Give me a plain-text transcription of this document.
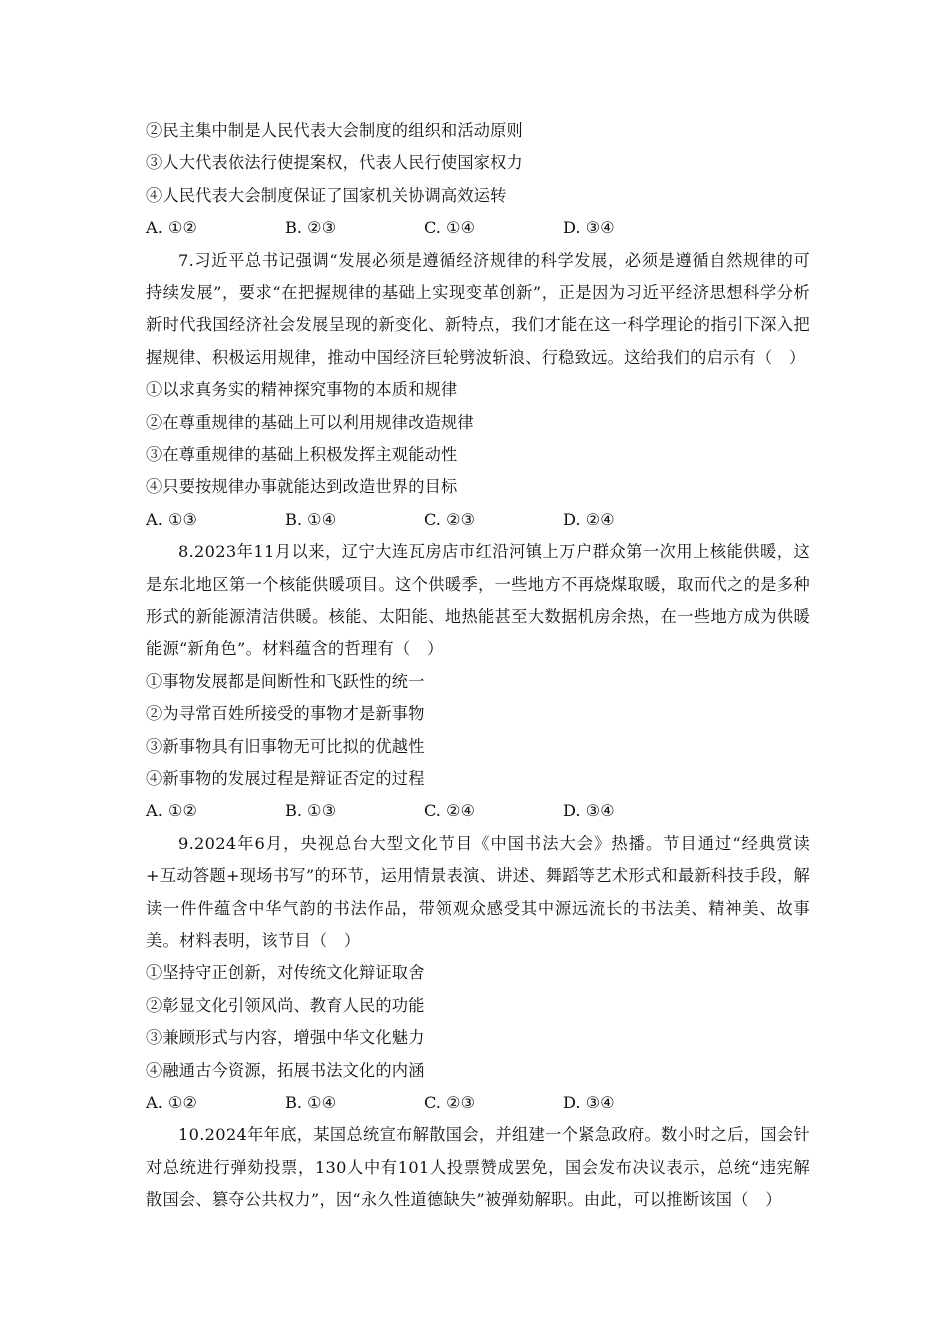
②民主集中制是人民代表大会制度的组织和活动原则
③人大代表依法行使提案权，代表人民行使国家权力
④人民代表大会制度保证了国家机关协调高效运转
A. ①②	B. ②③	C. ①④	D. ③④
7.习近平总书记强调“发展必须是遵循经济规律的科学发展，必须是遵循自然规律的可持续发展”，要求“在把握规律的基础上实现变革创新”，正是因为习近平经济思想科学分析新时代我国经济社会发展呈现的新变化、新特点，我们才能在这一科学理论的指引下深入把握规律、积极运用规律，推动中国经济巨轮劈波斩浪、行稳致远。这给我们的启示有（　）
①以求真务实的精神探究事物的本质和规律
②在尊重规律的基础上可以利用规律改造规律
③在尊重规律的基础上积极发挥主观能动性
④只要按规律办事就能达到改造世界的目标
A. ①③	B. ①④	C. ②③	D. ②④
8.2023年11月以来，辽宁大连瓦房店市红沿河镇上万户群众第一次用上核能供暖，这是东北地区第一个核能供暖项目。这个供暖季，一些地方不再烧煤取暖，取而代之的是多种形式的新能源清洁供暖。核能、太阳能、地热能甚至大数据机房余热，在一些地方成为供暖能源“新角色”。材料蕴含的哲理有（　）
①事物发展都是间断性和飞跃性的统一
②为寻常百姓所接受的事物才是新事物
③新事物具有旧事物无可比拟的优越性
④新事物的发展过程是辩证否定的过程
A. ①②	B. ①③	C. ②④	D. ③④
9.2024年6月，央视总台大型文化节目《中国书法大会》热播。节目通过“经典赏读+互动答题+现场书写”的环节，运用情景表演、讲述、舞蹈等艺术形式和最新科技手段，解读一件件蕴含中华气韵的书法作品，带领观众感受其中源远流长的书法美、精神美、故事美。材料表明，该节目（　）
①坚持守正创新，对传统文化辩证取舍
②彰显文化引领风尚、教育人民的功能
③兼顾形式与内容，增强中华文化魅力
④融通古今资源，拓展书法文化的内涵
A. ①②	B. ①④	C. ②③	D. ③④
10.2024年年底，某国总统宣布解散国会，并组建一个紧急政府。数小时之后，国会针对总统进行弹劾投票，130人中有101人投票赞成罢免，国会发布决议表示，总统“违宪解散国会、篡夺公共权力”，因“永久性道德缺失”被弹劾解职。由此，可以推断该国（　）
